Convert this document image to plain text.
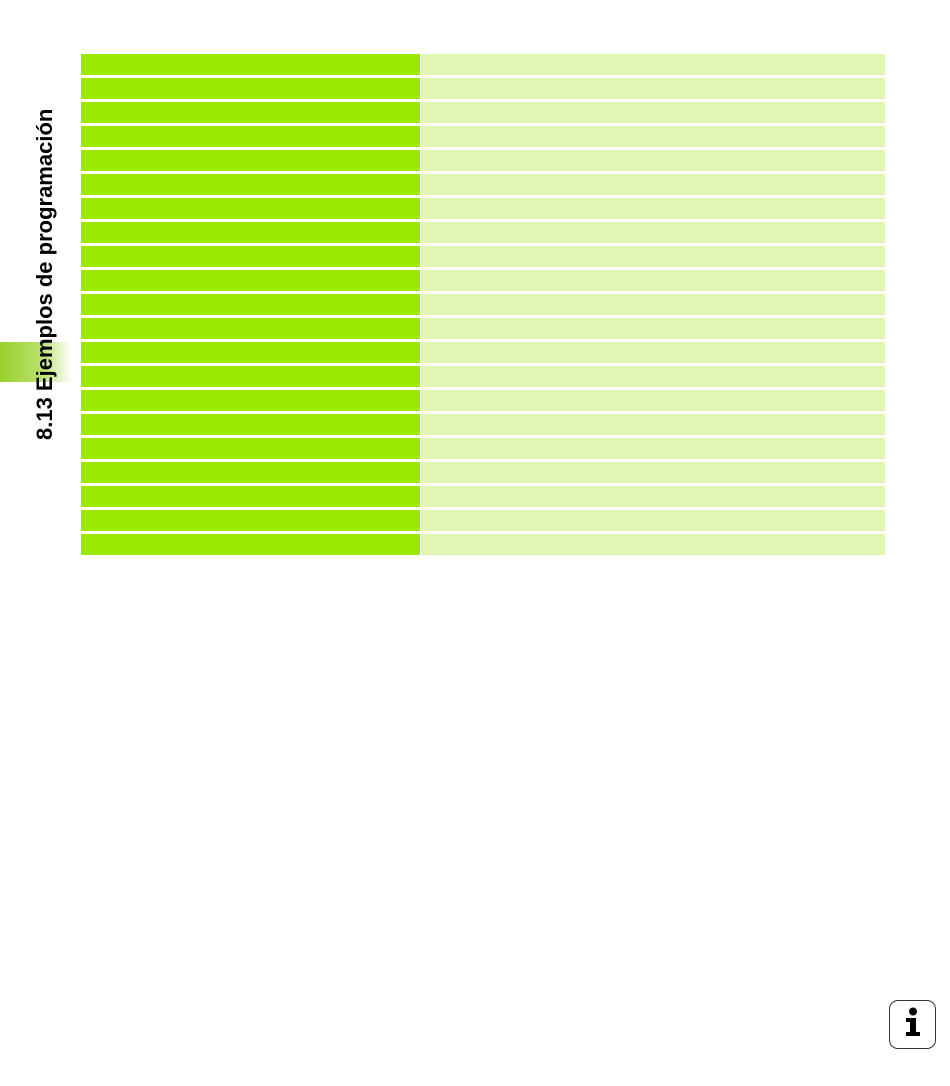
8.13 Ejemplos de programación
